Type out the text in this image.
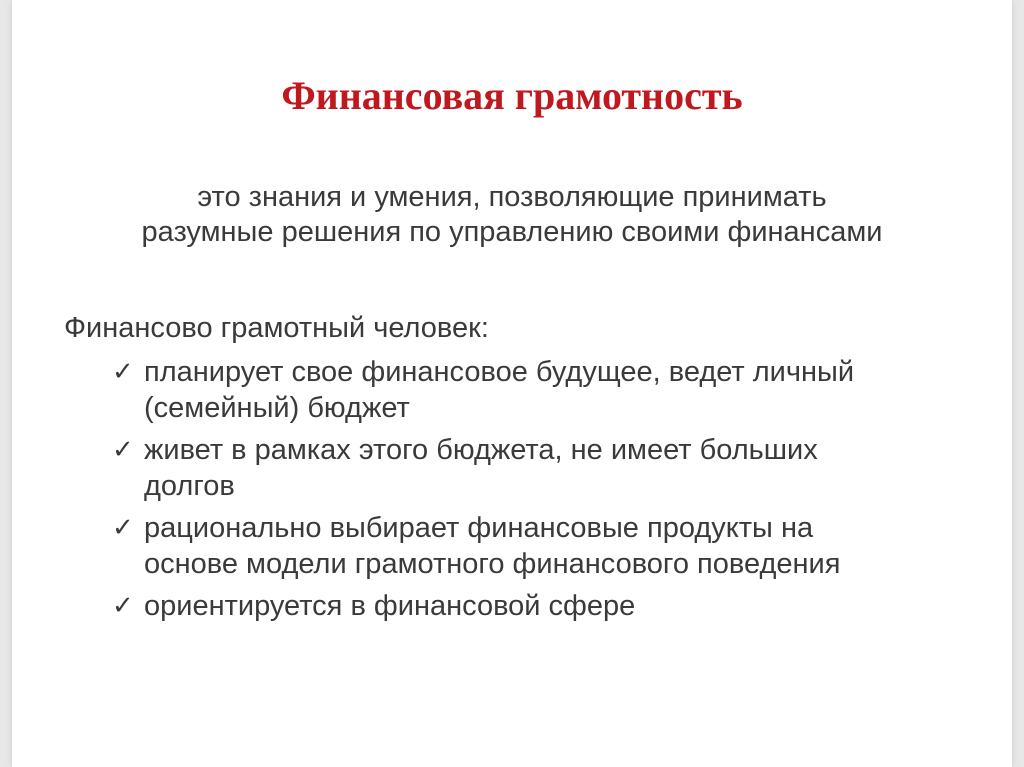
Финансовая грамотность
это знания и умения, позволяющие принимать
разумные решения по управлению своими финансами
Финансово грамотный человек:
✓ планирует свое финансовое будущее, ведет личный
(семейный) бюджет
✓ живет в рамках этого бюджета, не имеет больших
долгов
✓ рационально выбирает финансовые продукты на
основе модели грамотного финансового поведения
✓ ориентируется в финансовой сфере
